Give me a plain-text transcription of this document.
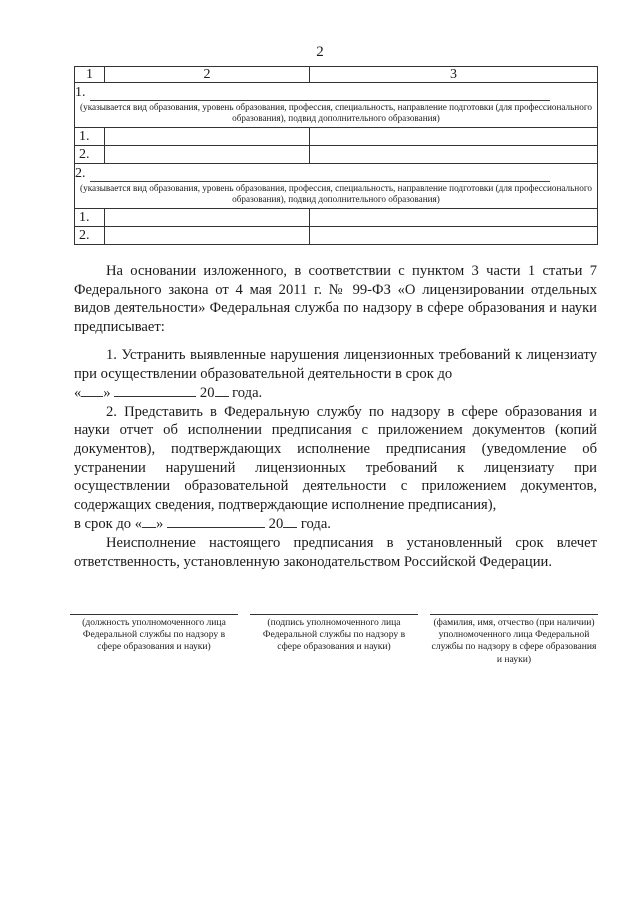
2
1	2	3

1.
(указывается вид образования, уровень образования, профессия, специальность, направление подготовки (для профессионального образования), подвид дополнительного образования)		

1.		
2.		

2.
(указывается вид образования, уровень образования, профессия, специальность, направление подготовки (для профессионального образования), подвид дополнительного образования)		

1.		
2.		

На основании изложенного, в соответствии с пунктом 3 части 1 статьи 7 Федерального закона от 4 мая 2011 г. № 99-ФЗ «О лицензировании отдельных видов деятельности» Федеральная служба по надзору в сфере образования и науки предписывает:

1. Устранить выявленные нарушения лицензионных требований к лицензиату при осуществлении образовательной деятельности в срок до

« »	20 года.

2. Представить в Федеральную службу по надзору в сфере образования и науки отчет об исполнении предписания с приложением документов (копий документов), подтверждающих исполнение предписания (уведомление об устранении нарушений лицензионных требований к лицензиату при осуществлении образовательной деятельности с приложением документов, содержащих сведения, подтверждающие исполнение предписания),

в срок до « »	20 года.

Неисполнение настоящего предписания в установленный срок влечет ответственность, установленную законодательством Российской Федерации.

(должность уполномоченного лица Федеральной службы по надзору в сфере образования и науки)
(подпись уполномоченного лица Федеральной службы по надзору в сфере образования и науки)
(фамилия, имя, отчество (при наличии) уполномоченного лица Федеральной службы по надзору в сфере образования и науки)
